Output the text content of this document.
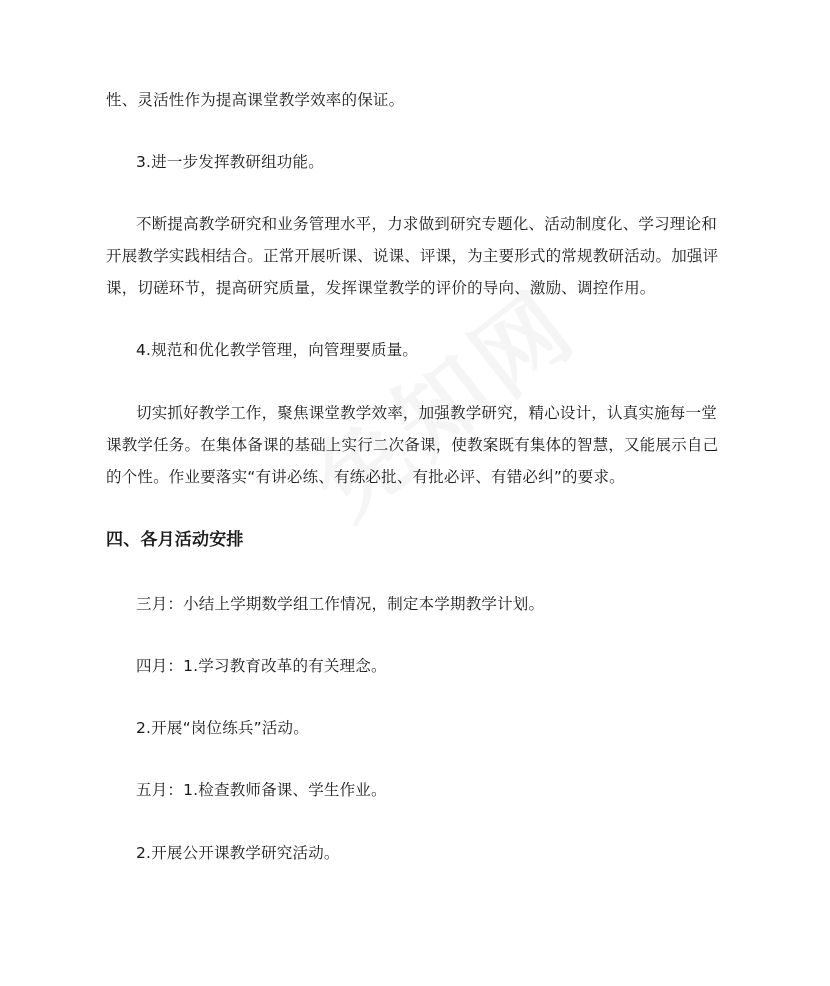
性、灵活性作为提高课堂教学效率的保证。
3.进一步发挥教研组功能。
不断提高教学研究和业务管理水平，力求做到研究专题化、活动制度化、学习理论和
开展教学实践相结合。正常开展听课、说课、评课，为主要形式的常规教研活动。加强评
课，切磋环节，提高研究质量，发挥课堂教学的评价的导向、激励、调控作用。
4.规范和优化教学管理，向管理要质量。
切实抓好教学工作，聚焦课堂教学效率，加强教学研究，精心设计，认真实施每一堂
课教学任务。在集体备课的基础上实行二次备课，使教案既有集体的智慧，又能展示自己
的个性。作业要落实“有讲必练、有练必批、有批必评、有错必纠”的要求。
四、各月活动安排
三月：小结上学期数学组工作情况，制定本学期教学计划。
四月：1.学习教育改革的有关理念。
2.开展“岗位练兵”活动。
五月：1.检查教师备课、学生作业。
2.开展公开课教学研究活动。
